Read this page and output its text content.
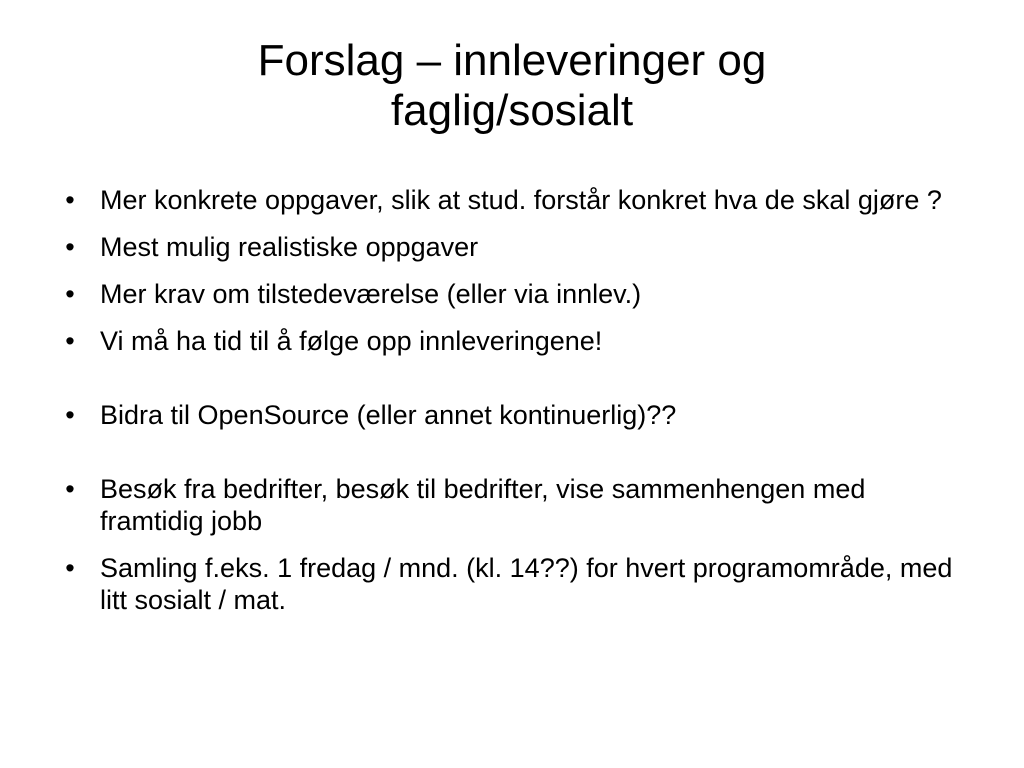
Forslag – innleveringer og
faglig/sosialt
• Mer konkrete oppgaver, slik at stud. forstår konkret hva de skal gjøre ?
• Mest mulig realistiske oppgaver
• Mer krav om tilstedeværelse (eller via innlev.)
• Vi må ha tid til å følge opp innleveringene!
• Bidra til OpenSource (eller annet kontinuerlig)??
• Besøk fra bedrifter, besøk til bedrifter, vise sammenhengen med framtidig jobb
• Samling f.eks. 1 fredag / mnd. (kl. 14??) for hvert programområde, med litt sosialt / mat.
